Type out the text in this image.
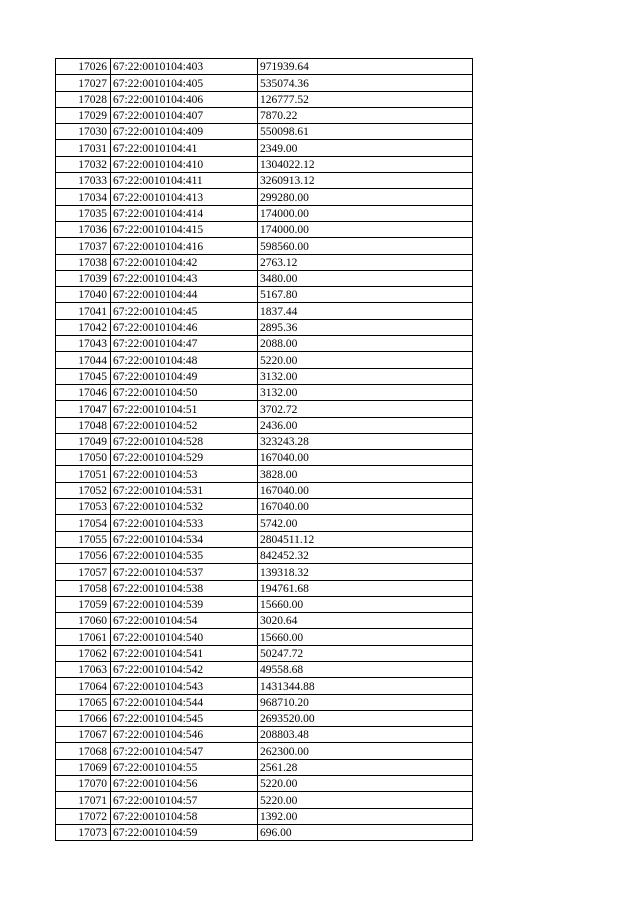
17026	67:22:0010104:403	971939.64
17027	67:22:0010104:405	535074.36
17028	67:22:0010104:406	126777.52
17029	67:22:0010104:407	7870.22
17030	67:22:0010104:409	550098.61
17031	67:22:0010104:41	2349.00
17032	67:22:0010104:410	1304022.12
17033	67:22:0010104:411	3260913.12
17034	67:22:0010104:413	299280.00
17035	67:22:0010104:414	174000.00
17036	67:22:0010104:415	174000.00
17037	67:22:0010104:416	598560.00
17038	67:22:0010104:42	2763.12
17039	67:22:0010104:43	3480.00
17040	67:22:0010104:44	5167.80
17041	67:22:0010104:45	1837.44
17042	67:22:0010104:46	2895.36
17043	67:22:0010104:47	2088.00
17044	67:22:0010104:48	5220.00
17045	67:22:0010104:49	3132.00
17046	67:22:0010104:50	3132.00
17047	67:22:0010104:51	3702.72
17048	67:22:0010104:52	2436.00
17049	67:22:0010104:528	323243.28
17050	67:22:0010104:529	167040.00
17051	67:22:0010104:53	3828.00
17052	67:22:0010104:531	167040.00
17053	67:22:0010104:532	167040.00
17054	67:22:0010104:533	5742.00
17055	67:22:0010104:534	2804511.12
17056	67:22:0010104:535	842452.32
17057	67:22:0010104:537	139318.32
17058	67:22:0010104:538	194761.68
17059	67:22:0010104:539	15660.00
17060	67:22:0010104:54	3020.64
17061	67:22:0010104:540	15660.00
17062	67:22:0010104:541	50247.72
17063	67:22:0010104:542	49558.68
17064	67:22:0010104:543	1431344.88
17065	67:22:0010104:544	968710.20
17066	67:22:0010104:545	2693520.00
17067	67:22:0010104:546	208803.48
17068	67:22:0010104:547	262300.00
17069	67:22:0010104:55	2561.28
17070	67:22:0010104:56	5220.00
17071	67:22:0010104:57	5220.00
17072	67:22:0010104:58	1392.00
17073	67:22:0010104:59	696.00
